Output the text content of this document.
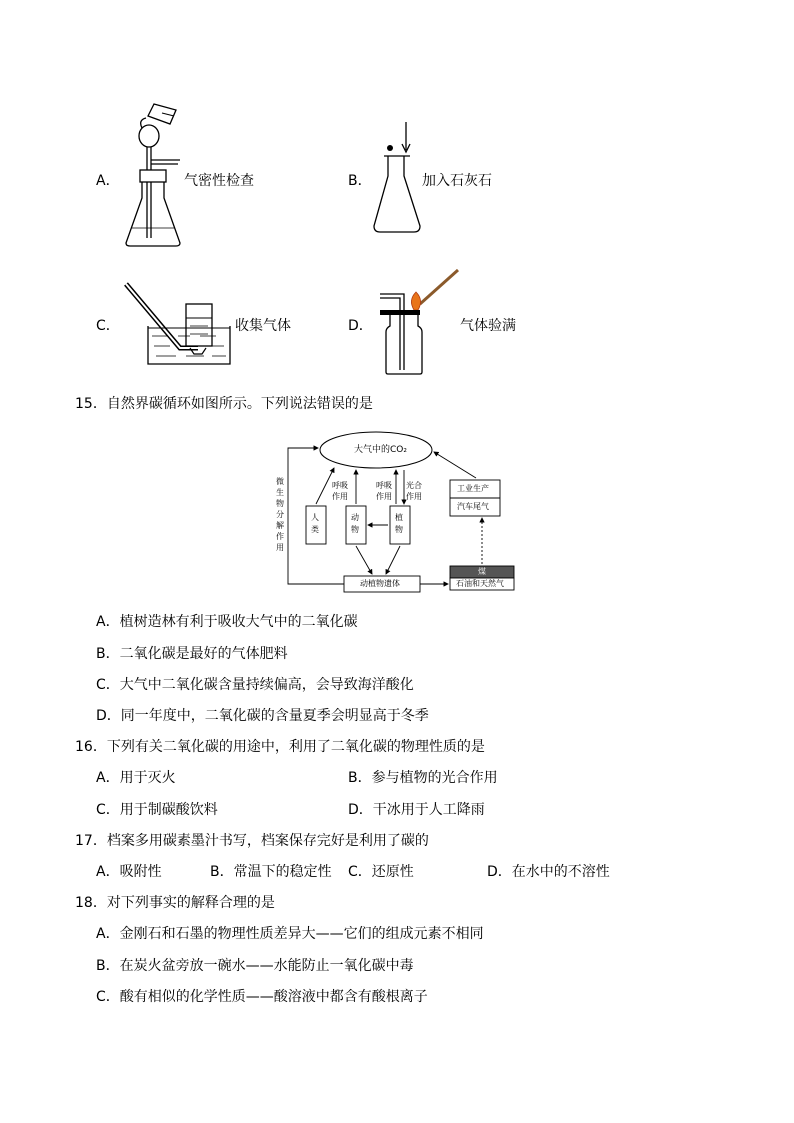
A．	气密性检查	B．	加入石灰石
C．	收集气体	D．	气体验满
15．自然界碳循环如图所示。下列说法错误的是
大气中的CO₂
微生物分解作用
呼吸作用
呼吸作用
光合作用
人类
动物
植物
工业生产
汽车尾气
动植物遗体
煤
石油和天然气
A．植树造林有利于吸收大气中的二氧化碳
B．二氧化碳是最好的气体肥料
C．大气中二氧化碳含量持续偏高，会导致海洋酸化
D．同一年度中，二氧化碳的含量夏季会明显高于冬季
16．下列有关二氧化碳的用途中，利用了二氧化碳的物理性质的是
A．用于灭火	B．参与植物的光合作用
C．用于制碳酸饮料	D．干冰用于人工降雨
17．档案多用碳素墨汁书写，档案保存完好是利用了碳的
A．吸附性	B．常温下的稳定性 C．还原性	D．在水中的不溶性
18．对下列事实的解释合理的是
A．金刚石和石墨的物理性质差异大——它们的组成元素不相同
B．在炭火盆旁放一碗水——水能防止一氧化碳中毒
C．酸有相似的化学性质——酸溶液中都含有酸根离子
